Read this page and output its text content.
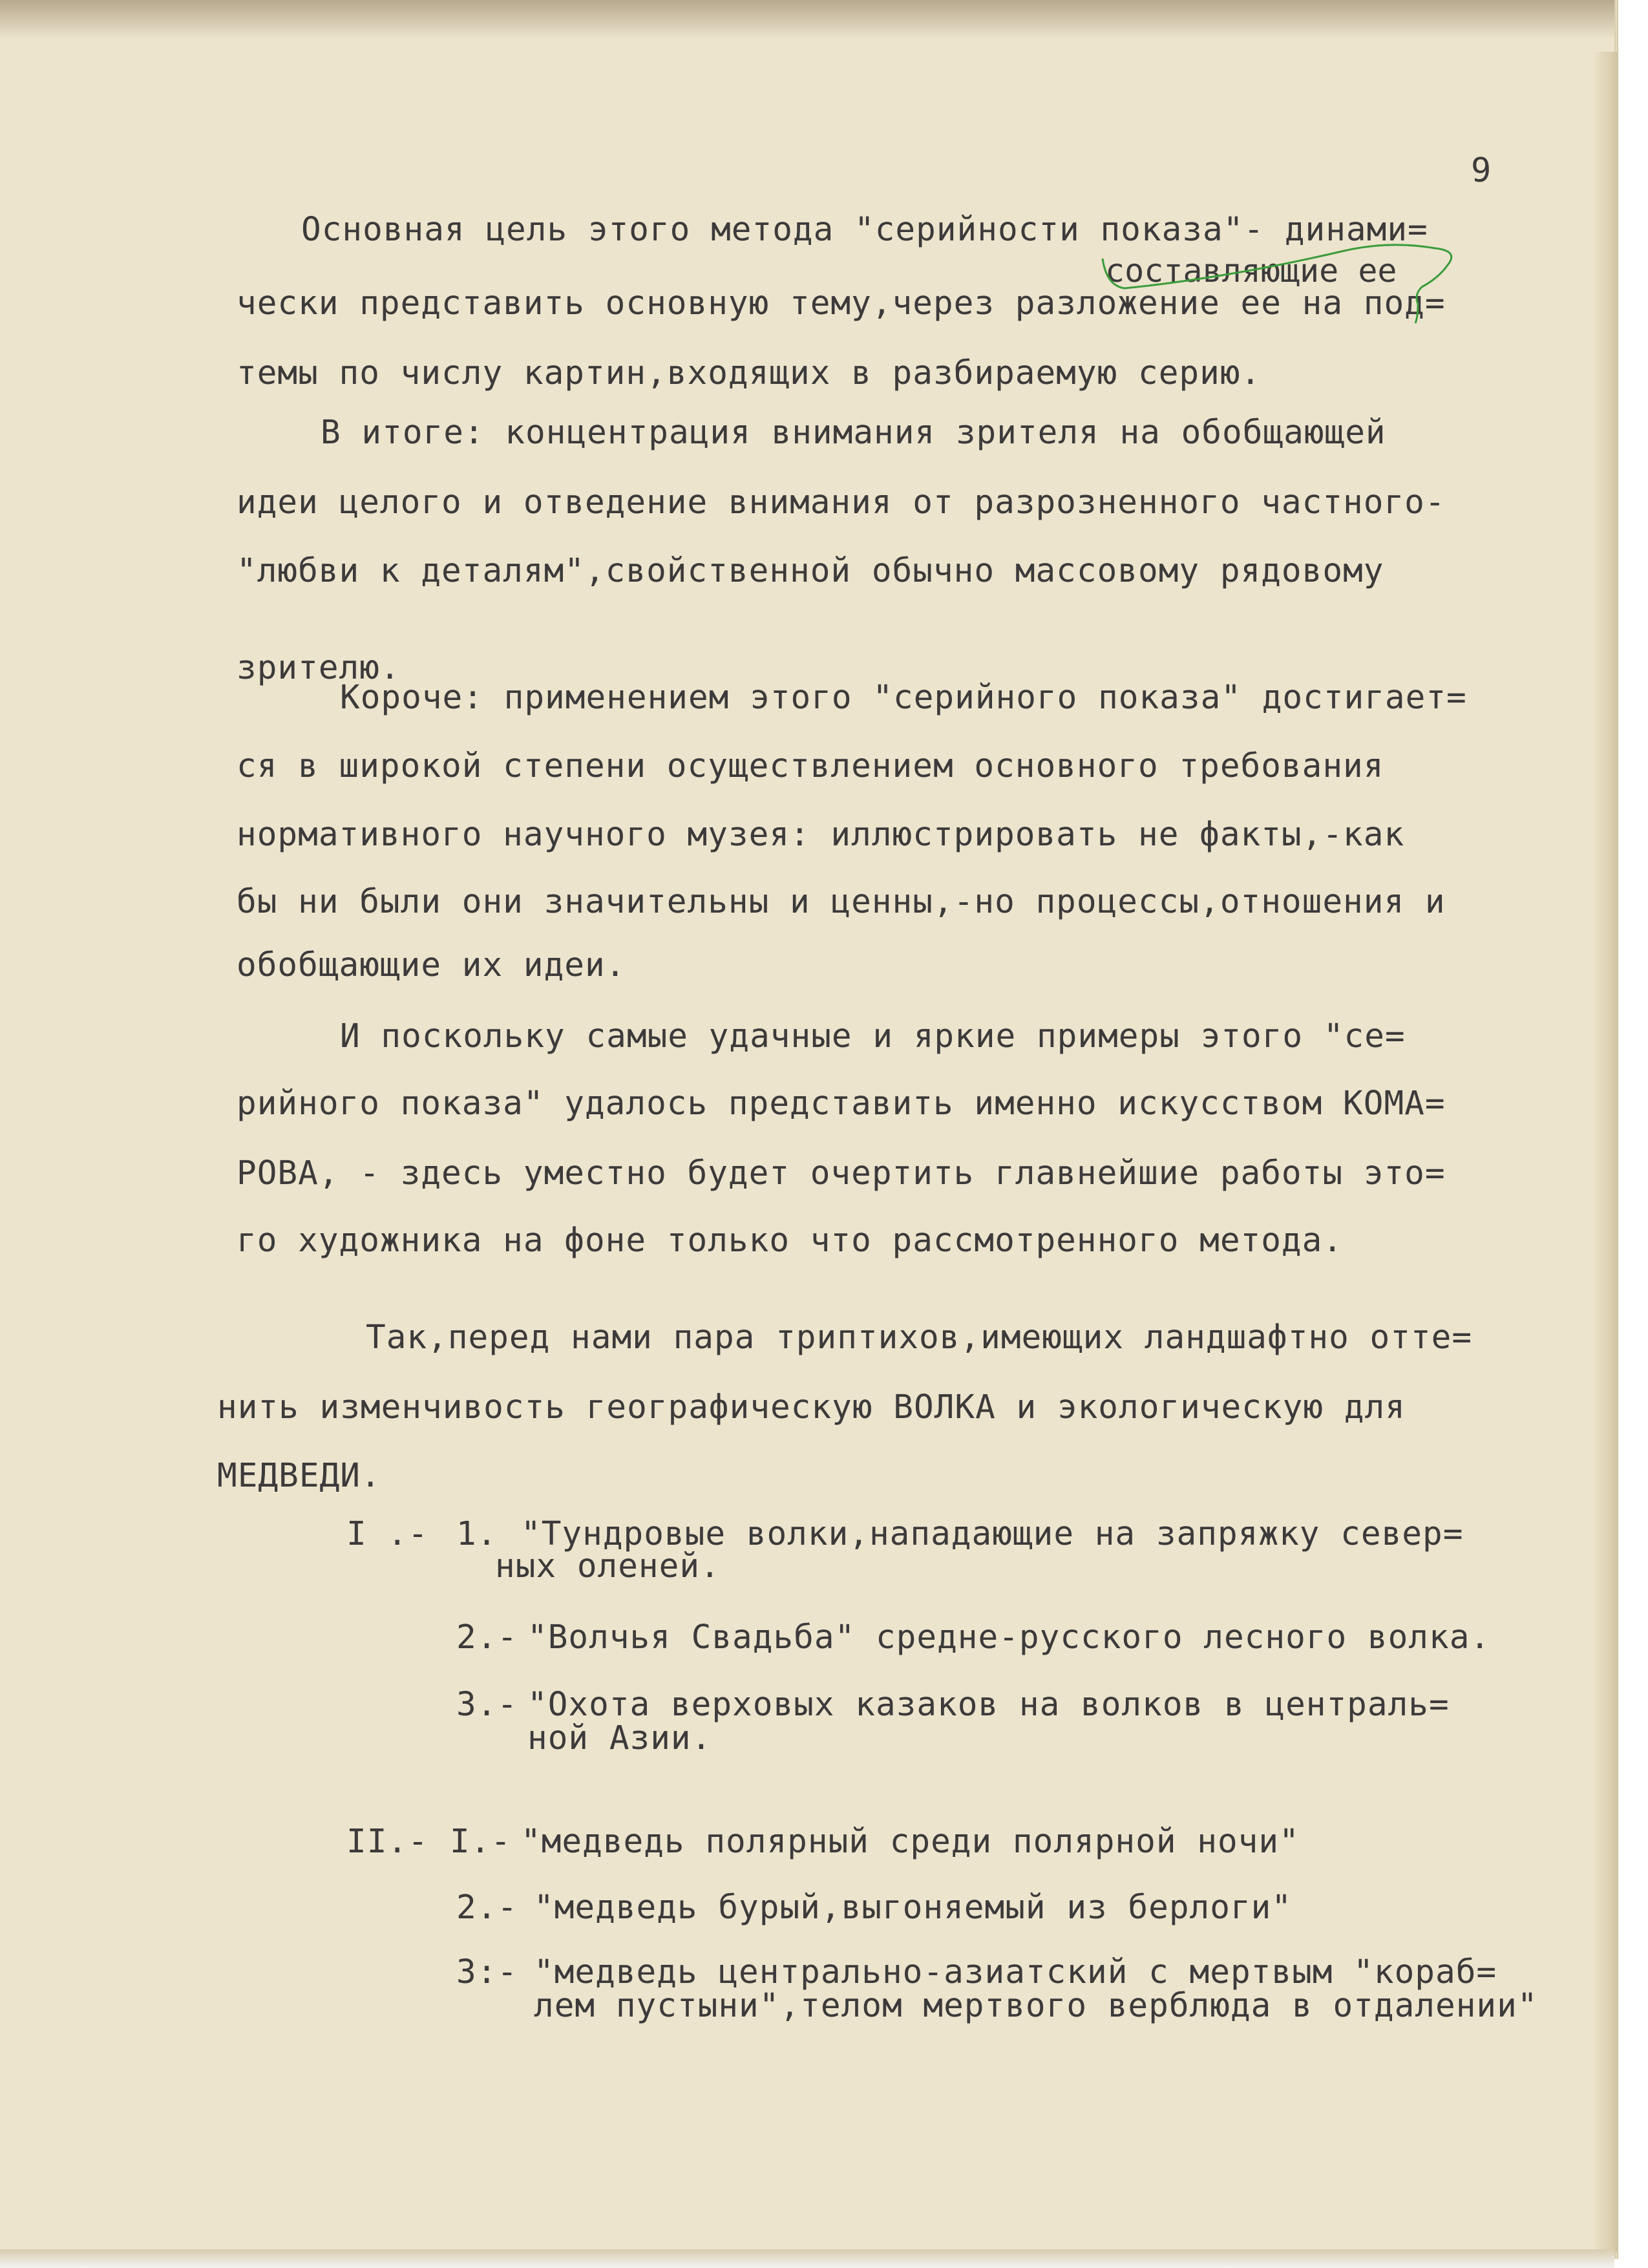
9
составляющие ее
Основная цель этого метода "серийности показа"- динами=
чески представить основную тему,через разложение ее на под=
темы по числу картин,входящих в разбираемую серию.
В итоге: концентрация внимания зрителя на обобщающей
идеи целого и отведение внимания от разрозненного частного-
"любви к деталям",свойственной обычно массовому рядовому
зрителю.
Короче: применением этого "серийного показа" достигает=
ся в широкой степени осуществлением основного требования
нормативного научного музея: иллюстрировать не факты,-как
бы ни были они значительны и ценны,-но процессы,отношения и
обобщающие их идеи.
И поскольку самые удачные и яркие примеры этого "се=
рийного показа" удалось представить именно искусством КОМА=
РОВА, - здесь уместно будет очертить главнейшие работы это=
го художника на фоне только что рассмотренного метода.
Так,перед нами пара триптихов,имеющих ландшафтно отте=
нить изменчивость географическую ВОЛКА и экологическую для
МЕДВЕДИ.
I .- 1. "Тундровые волки,нападающие на запряжку север=
ных оленей.
2.- "Волчья Свадьба" средне-русского лесного волка.
3.- "Охота верховых казаков на волков в централь=
ной Азии.
II.- I.- "медведь полярный среди полярной ночи"
2.- "медведь бурый,выгоняемый из берлоги"
3:- "медведь центрально-азиатский с мертвым "кораб=
лем пустыни",телом мертвого верблюда в отдалении"
